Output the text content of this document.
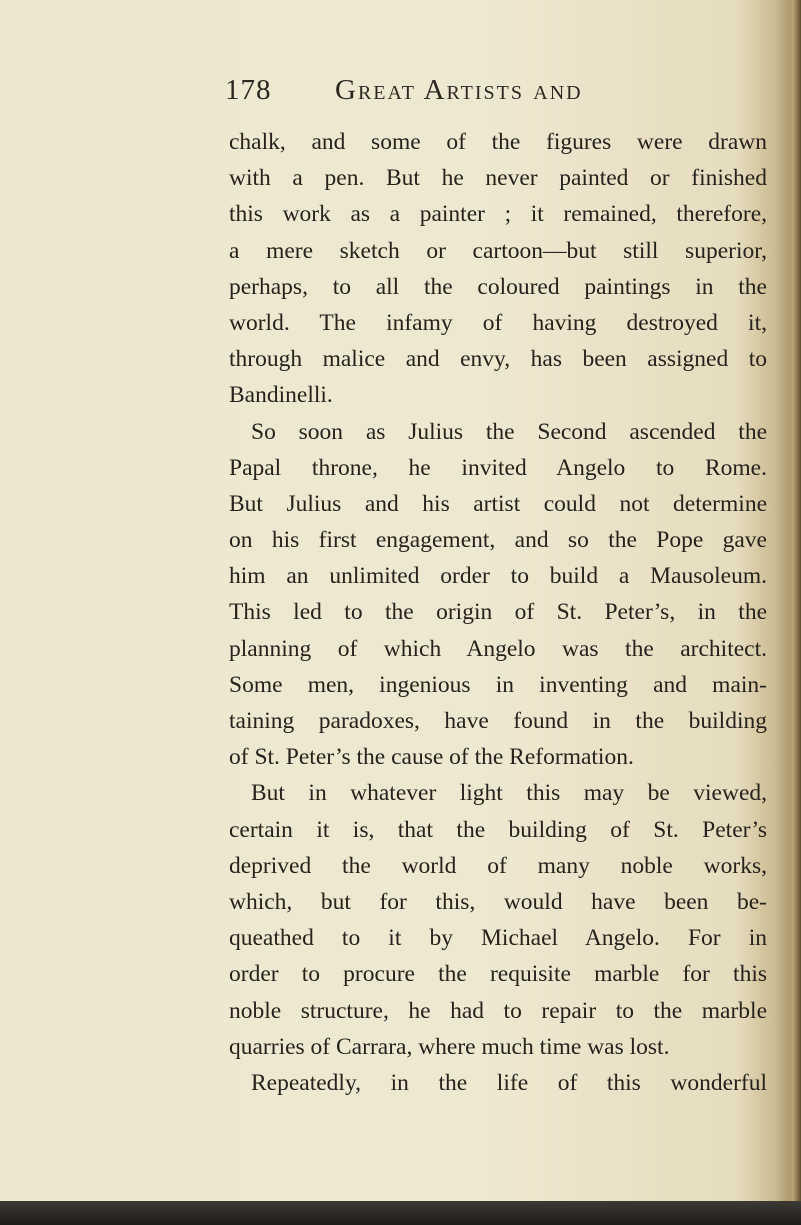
178 Great Artists and
chalk, and some of the figures were drawn
with a pen. But he never painted or finished
this work as a painter ; it remained, therefore,
a mere sketch or cartoon—but still superior,
perhaps, to all the coloured paintings in the
world. The infamy of having destroyed it,
through malice and envy, has been assigned to
Bandinelli.
So soon as Julius the Second ascended the
Papal throne, he invited Angelo to Rome.
But Julius and his artist could not determine
on his first engagement, and so the Pope gave
him an unlimited order to build a Mausoleum.
This led to the origin of St. Peter’s, in the
planning of which Angelo was the architect.
Some men, ingenious in inventing and main-
taining paradoxes, have found in the building
of St. Peter’s the cause of the Reformation.
But in whatever light this may be viewed,
certain it is, that the building of St. Peter’s
deprived the world of many noble works,
which, but for this, would have been be-
queathed to it by Michael Angelo. For in
order to procure the requisite marble for this
noble structure, he had to repair to the marble
quarries of Carrara, where much time was lost.
Repeatedly, in the life of this wonderful
